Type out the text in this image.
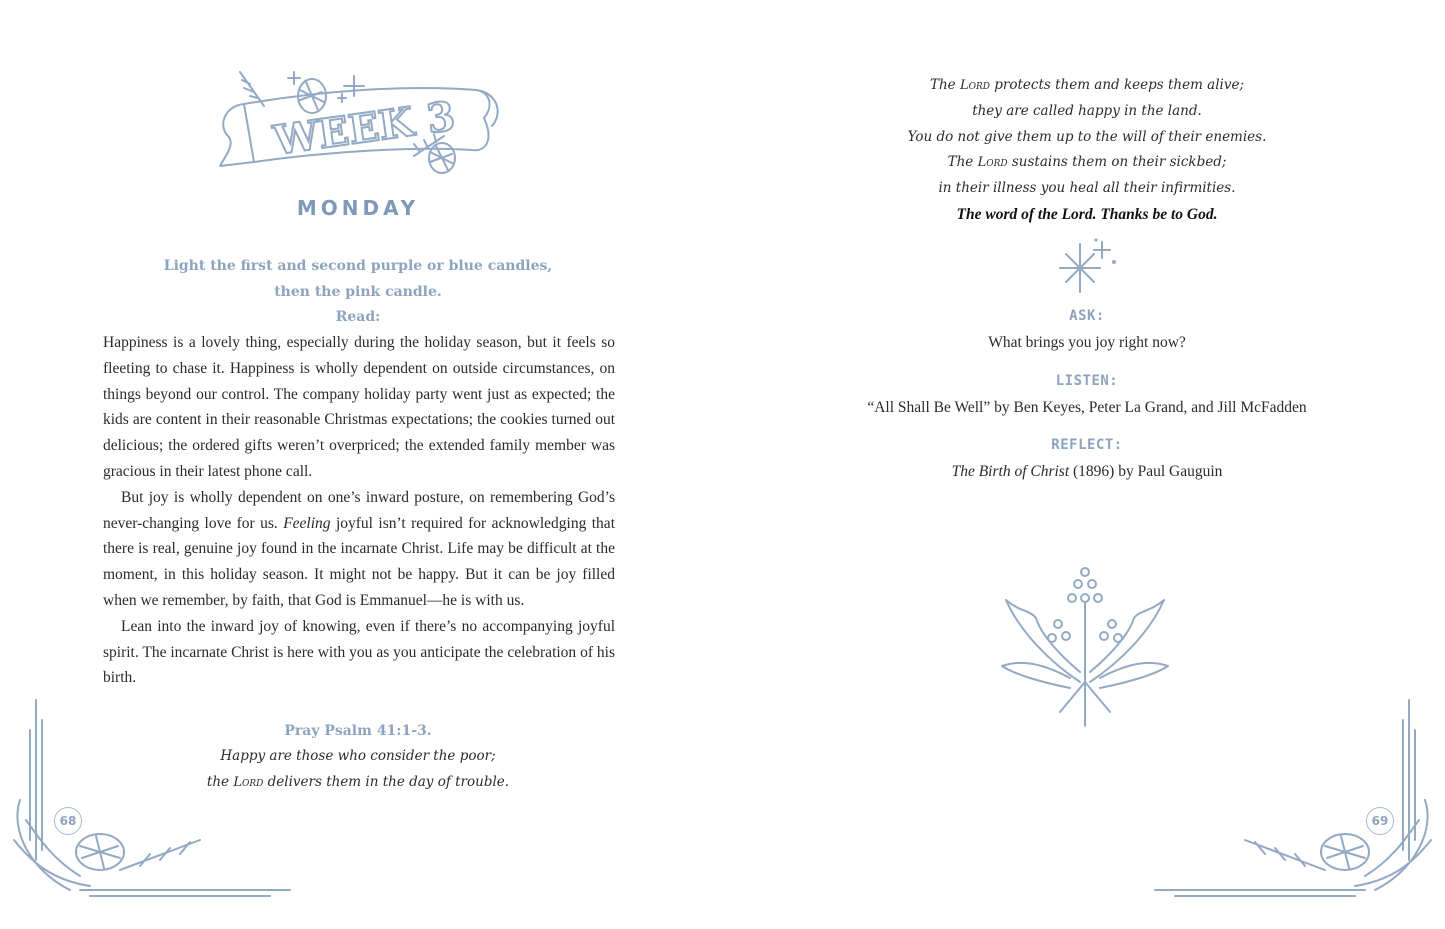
WEEK 3
MONDAY
Light the first and second purple or blue candles,
then the pink candle.
Read:

Happiness is a lovely thing, especially during the holiday season, but it feels so fleeting to chase it. Happiness is wholly dependent on outside circumstances, on things beyond our control. The company holiday party went just as expected; the kids are content in their reasonable Christmas expectations; the cookies turned out delicious; the ordered gifts weren’t overpriced; the extended family member was gracious in their latest phone call.

But joy is wholly dependent on one’s inward posture, on remembering God’s never-changing love for us. Feeling joyful isn’t required for acknowledging that there is real, genuine joy found in the incarnate Christ. Life may be difficult at the moment, in this holiday season. It might not be happy. But it can be joy filled when we remember, by faith, that God is Emmanuel—he is with us.

Lean into the inward joy of knowing, even if there’s no accompanying joyful spirit. The incarnate Christ is here with you as you anticipate the celebration of his birth.

Pray Psalm 41:1-3.
Happy are those who consider the poor;
the Lord delivers them in the day of trouble.
68
The Lord protects them and keeps them alive;
they are called happy in the land.
You do not give them up to the will of their enemies.
The Lord sustains them on their sickbed;
in their illness you heal all their infirmities.
The word of the Lord. Thanks be to God.
ASK:
What brings you joy right now?
LISTEN:
“All Shall Be Well” by Ben Keyes, Peter La Grand, and Jill McFadden
REFLECT:
The Birth of Christ (1896) by Paul Gauguin
69
